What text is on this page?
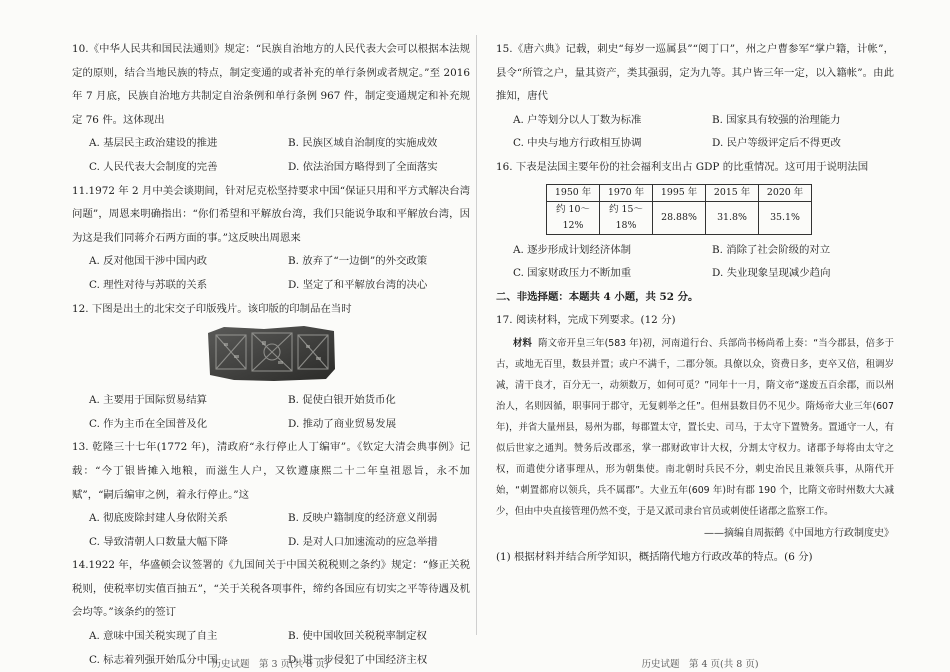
10.《中华人民共和国民法通则》规定：“民族自治地方的人民代表大会可以根据本法规定的原则，结合当地民族的特点，制定变通的或者补充的单行条例或者规定。”至 2016 年 7 月底，民族自治地方共制定自治条例和单行条例 967 件，制定变通规定和补充规定 76 件。这体现出

A. 基层民主政治建设的推进	B. 民族区域自治制度的实施成效
C. 人民代表大会制度的完善	D. 依法治国方略得到了全面落实

11.1972 年 2 月中美会谈期间，针对尼克松坚持要求中国“保证只用和平方式解决台湾问题”，周恩来明确指出：“你们希望和平解放台湾，我们只能说争取和平解放台湾，因为这是我们同蒋介石两方面的事。”这反映出周恩来

A. 反对他国干涉中国内政	B. 放弃了“一边倒”的外交政策
C. 理性对待与苏联的关系	D. 坚定了和平解放台湾的决心

12. 下图是出土的北宋交子印版残片。该印版的印制品在当时

A. 主要用于国际贸易结算	B. 促使白银开始货币化
C. 作为主币在全国普及化	D. 推动了商业贸易发展

13. 乾隆三十七年(1772 年)，清政府“永行停止人丁编审”。《钦定大清会典事例》记载：“今丁银皆摊入地粮，而滋生人户，又钦遵康熙二十二年皇祖恩旨，永不加赋”，“嗣后编审之例，着永行停止。”这

A. 彻底废除封建人身依附关系	B. 反映户籍制度的经济意义削弱
C. 导致清朝人口数量大幅下降	D. 是对人口加速流动的应急举措

14.1922 年，华盛顿会议签署的《九国间关于中国关税税则之条约》规定：“修正关税税则，使税率切实值百抽五”，“关于关税各项事件，缔约各国应有切实之平等待遇及机会均等。”该条约的签订

A. 意味中国关税实现了自主	B. 使中国收回关税税率制定权
C. 标志着列强开始瓜分中国	D. 进一步侵犯了中国经济主权

15.《唐六典》记载，刺史“每岁一巡属县”“阅丁口”，州之户曹参军“掌户籍，计帐”，县令“所管之户，量其资产，类其强弱，定为九等。其户皆三年一定，以入籍帐”。由此推知，唐代

A. 户等划分以人丁数为标准	B. 国家具有较强的治理能力
C. 中央与地方行政相互协调	D. 民户等级评定后不得更改

16. 下表是法国主要年份的社会福利支出占 GDP 的比重情况。这可用于说明法国

1950 年	1970 年	1995 年	2015 年	2020 年
约 10～12%	约 15～18%	28.88%	31.8%	35.1%
A. 逐步形成计划经济体制	B. 消除了社会阶级的对立
C. 国家财政压力不断加重	D. 失业现象呈现减少趋向
二、非选择题：本题共 4 小题，共 52 分。
17. 阅读材料，完成下列要求。(12 分)
材料 隋文帝开皇三年(583 年)初，河南道行台、兵部尚书杨尚希上奏：“当今郡县，倍多于古，或地无百里，数县并置；或户不满千，二郡分领。具僚以众，资费日多，吏卒又倍，租调岁减，清干良才，百分无一，动须数万，如何可觅？”同年十一月，隋文帝“遂废五百余郡，而以州治人，名则因循，职事同于郡守，无复刺举之任”。但州县数目仍不见少。隋炀帝大业三年(607 年)，并省大量州县，易州为郡，每郡置太守，置长史、司马，于太守下置赞务。置通守一人，有似后世家之通判。赞务后改郡丞，掌一郡财政审计大权，分割太守权力。诸郡予每将由太守之权，而遣使分诸事理从，形为朝集使。南北朝时兵民不分，刺史治民且兼领兵事，从隋代开始，“刺置都府以领兵，兵不属郡”。大业五年(609 年)时有郡 190 个，比隋文帝时州数大大减少，但由中央直接管理仍然不变，于是又派司隶台官员或刺使任诸郡之监察工作。
——摘编自周振鹤《中国地方行政制度史》
(1) 根据材料并结合所学知识，概括隋代地方行政改革的特点。(6 分)
历史试题　第 3 页(共 8 页)	历史试题　第 4 页(共 8 页)
